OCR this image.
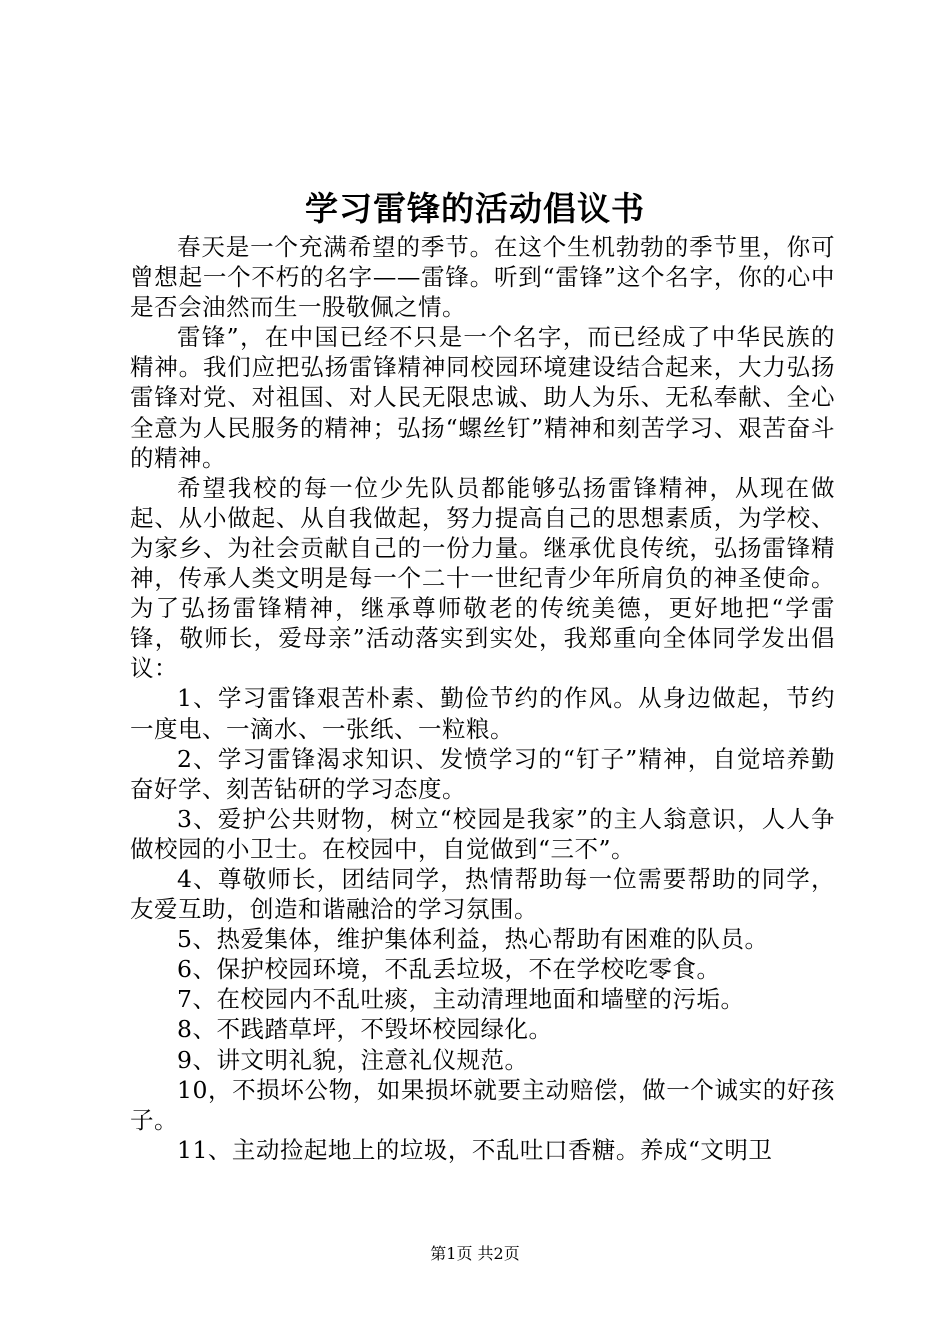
学习雷锋的活动倡议书

春天是一个充满希望的季节。在这个生机勃勃的季节里，你可曾想起一个不朽的名字——雷锋。听到“雷锋”这个名字，你的心中是否会油然而生一股敬佩之情。

雷锋”，在中国已经不只是一个名字，而已经成了中华民族的精神。我们应把弘扬雷锋精神同校园环境建设结合起来，大力弘扬雷锋对党、对祖国、对人民无限忠诚、助人为乐、无私奉献、全心全意为人民服务的精神；弘扬“螺丝钉”精神和刻苦学习、艰苦奋斗的精神。

希望我校的每一位少先队员都能够弘扬雷锋精神，从现在做起、从小做起、从自我做起，努力提高自己的思想素质，为学校、为家乡、为社会贡献自己的一份力量。继承优良传统，弘扬雷锋精神，传承人类文明是每一个二十一世纪青少年所肩负的神圣使命。为了弘扬雷锋精神，继承尊师敬老的传统美德，更好地把“学雷锋，敬师长，爱母亲”活动落实到实处，我郑重向全体同学发出倡议：

1、学习雷锋艰苦朴素、勤俭节约的作风。从身边做起，节约一度电、一滴水、一张纸、一粒粮。

2、学习雷锋渴求知识、发愤学习的“钉子”精神，自觉培养勤奋好学、刻苦钻研的学习态度。

3、爱护公共财物，树立“校园是我家”的主人翁意识，人人争做校园的小卫士。在校园中，自觉做到“三不”。

4、尊敬师长，团结同学，热情帮助每一位需要帮助的同学，友爱互助，创造和谐融洽的学习氛围。

5、热爱集体，维护集体利益，热心帮助有困难的队员。

6、保护校园环境，不乱丢垃圾，不在学校吃零食。

7、在校园内不乱吐痰，主动清理地面和墙壁的污垢。

8、不践踏草坪，不毁坏校园绿化。

9、讲文明礼貌，注意礼仪规范。

10，不损坏公物，如果损坏就要主动赔偿，做一个诚实的好孩子。

11、主动捡起地上的垃圾，不乱吐口香糖。养成“文明卫

第1页 共2页
